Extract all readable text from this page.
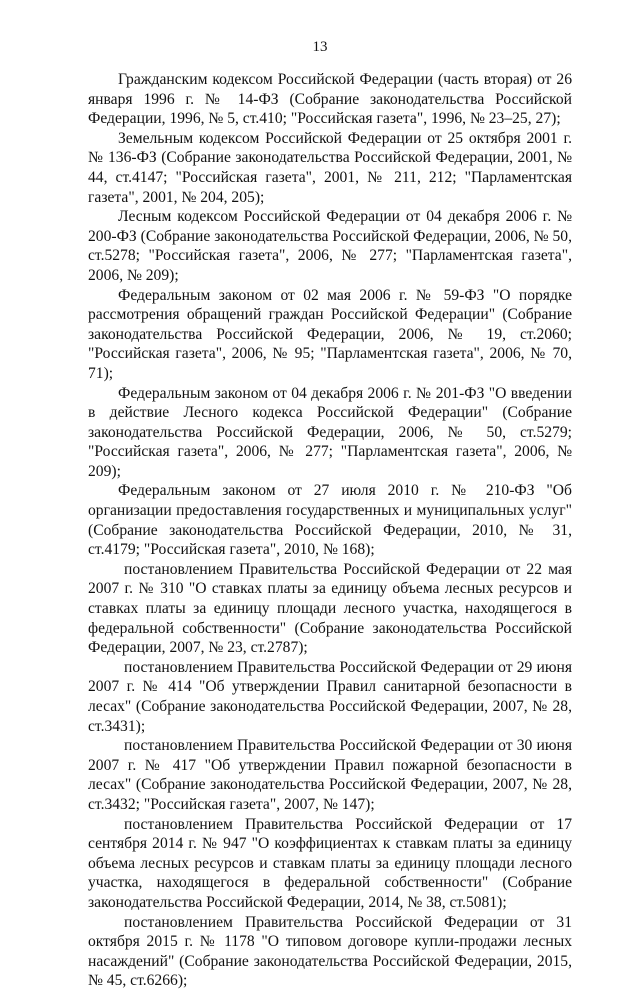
13

Гражданским кодексом Российской Федерации (часть вторая) от 26 января 1996 г. № 14-ФЗ (Собрание законодательства Российской Федерации, 1996, № 5, ст.410; "Российская газета", 1996, № 23–25, 27);

Земельным кодексом Российской Федерации от 25 октября 2001 г. № 136-ФЗ (Собрание законодательства Российской Федерации, 2001, № 44, ст.4147; "Российская газета", 2001, № 211, 212; "Парламентская газета", 2001, № 204, 205);

Лесным кодексом Российской Федерации от 04 декабря 2006 г. № 200-ФЗ (Собрание законодательства Российской Федерации, 2006, № 50, ст.5278; "Российская газета", 2006, № 277; "Парламентская газета", 2006, № 209);

Федеральным законом от 02 мая 2006 г. № 59-ФЗ "О порядке рассмотрения обращений граждан Российской Федерации" (Собрание законодательства Российской Федерации, 2006, № 19, ст.2060; "Российская газета", 2006, № 95; "Парламентская газета", 2006, № 70, 71);

Федеральным законом от 04 декабря 2006 г. № 201-ФЗ "О введении в действие Лесного кодекса Российской Федерации" (Собрание законодательства Российской Федерации, 2006, № 50, ст.5279; "Российская газета", 2006, № 277; "Парламентская газета", 2006, № 209);

Федеральным законом от 27 июля 2010 г. № 210-ФЗ "Об организации предоставления государственных и муниципальных услуг" (Собрание законодательства Российской Федерации, 2010, № 31, ст.4179; "Российская газета", 2010, № 168);

постановлением Правительства Российской Федерации от 22 мая 2007 г. № 310 "О ставках платы за единицу объема лесных ресурсов и ставках платы за единицу площади лесного участка, находящегося в федеральной собственности" (Собрание законодательства Российской Федерации, 2007, № 23, ст.2787);

постановлением Правительства Российской Федерации от 29 июня 2007 г. № 414 "Об утверждении Правил санитарной безопасности в лесах" (Собрание законодательства Российской Федерации, 2007, № 28, ст.3431);

постановлением Правительства Российской Федерации от 30 июня 2007 г. № 417 "Об утверждении Правил пожарной безопасности в лесах" (Собрание законодательства Российской Федерации, 2007, № 28, ст.3432; "Российская газета", 2007, № 147);

постановлением Правительства Российской Федерации от 17 сентября 2014 г. № 947 "О коэффициентах к ставкам платы за единицу объема лесных ресурсов и ставкам платы за единицу площади лесного участка, находящегося в федеральной собственности" (Собрание законодательства Российской Федерации, 2014, № 38, ст.5081);

постановлением Правительства Российской Федерации от 31 октября 2015 г. № 1178 "О типовом договоре купли-продажи лесных насаждений" (Собрание законодательства Российской Федерации, 2015, № 45, ст.6266);
